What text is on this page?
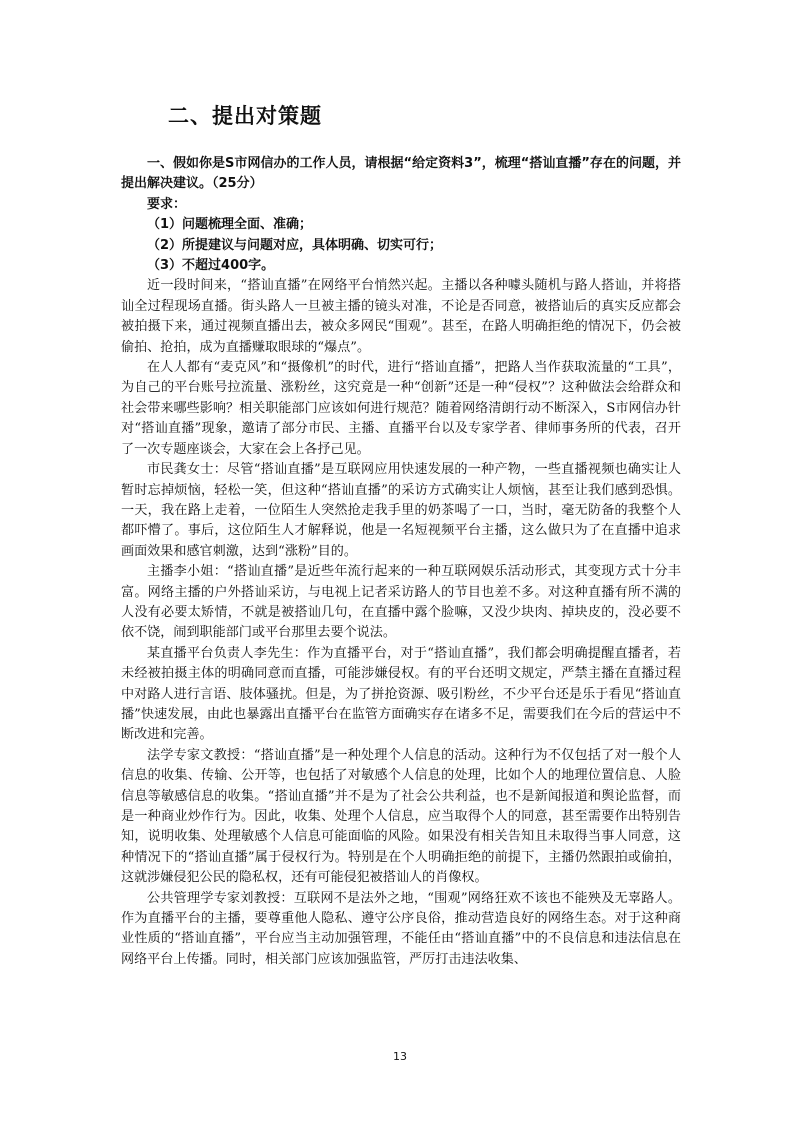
二、提出对策题

一、假如你是S市网信办的工作人员，请根据“给定资料3”，梳理“搭讪直播”存在的问题，并提出解决建议。（25分）

要求：

（1）问题梳理全面、准确；

（2）所提建议与问题对应，具体明确、切实可行；

（3）不超过400字。

近一段时间来，“搭讪直播”在网络平台悄然兴起。主播以各种噱头随机与路人搭讪，并将搭讪全过程现场直播。街头路人一旦被主播的镜头对准，不论是否同意，被搭讪后的真实反应都会被拍摄下来，通过视频直播出去，被众多网民“围观”。甚至，在路人明确拒绝的情况下，仍会被偷拍、抢拍，成为直播赚取眼球的“爆点”。

在人人都有“麦克风”和“摄像机”的时代，进行“搭讪直播”，把路人当作获取流量的“工具”，为自己的平台账号拉流量、涨粉丝，这究竟是一种“创新”还是一种“侵权”？这种做法会给群众和社会带来哪些影响？相关职能部门应该如何进行规范？随着网络清朗行动不断深入，S市网信办针对“搭讪直播”现象，邀请了部分市民、主播、直播平台以及专家学者、律师事务所的代表，召开了一次专题座谈会，大家在会上各抒己见。

市民龚女士：尽管“搭讪直播”是互联网应用快速发展的一种产物，一些直播视频也确实让人暂时忘掉烦恼，轻松一笑，但这种“搭讪直播”的采访方式确实让人烦恼，甚至让我们感到恐惧。一天，我在路上走着，一位陌生人突然抢走我手里的奶茶喝了一口，当时，毫无防备的我整个人都吓懵了。事后，这位陌生人才解释说，他是一名短视频平台主播，这么做只为了在直播中追求画面效果和感官刺激，达到“涨粉”目的。

主播李小姐：“搭讪直播”是近些年流行起来的一种互联网娱乐活动形式，其变现方式十分丰富。网络主播的户外搭讪采访，与电视上记者采访路人的节目也差不多。对这种直播有所不满的人没有必要太矫情，不就是被搭讪几句，在直播中露个脸嘛，又没少块肉、掉块皮的，没必要不依不饶，闹到职能部门或平台那里去要个说法。

某直播平台负责人李先生：作为直播平台，对于“搭讪直播”，我们都会明确提醒直播者，若未经被拍摄主体的明确同意而直播，可能涉嫌侵权。有的平台还明文规定，严禁主播在直播过程中对路人进行言语、肢体骚扰。但是，为了拼抢资源、吸引粉丝，不少平台还是乐于看见“搭讪直播”快速发展，由此也暴露出直播平台在监管方面确实存在诸多不足，需要我们在今后的营运中不断改进和完善。

法学专家文教授：“搭讪直播”是一种处理个人信息的活动。这种行为不仅包括了对一般个人信息的收集、传输、公开等，也包括了对敏感个人信息的处理，比如个人的地理位置信息、人脸信息等敏感信息的收集。“搭讪直播”并不是为了社会公共利益，也不是新闻报道和舆论监督，而是一种商业炒作行为。因此，收集、处理个人信息，应当取得个人的同意，甚至需要作出特别告知，说明收集、处理敏感个人信息可能面临的风险。如果没有相关告知且未取得当事人同意，这种情况下的“搭讪直播”属于侵权行为。特别是在个人明确拒绝的前提下，主播仍然跟拍或偷拍，这就涉嫌侵犯公民的隐私权，还有可能侵犯被搭讪人的肖像权。

公共管理学专家刘教授：互联网不是法外之地，“围观”网络狂欢不该也不能殃及无辜路人。作为直播平台的主播，要尊重他人隐私、遵守公序良俗，推动营造良好的网络生态。对于这种商业性质的“搭讪直播”，平台应当主动加强管理，不能任由“搭讪直播”中的不良信息和违法信息在网络平台上传播。同时，相关部门应该加强监管，严厉打击违法收集、

13
